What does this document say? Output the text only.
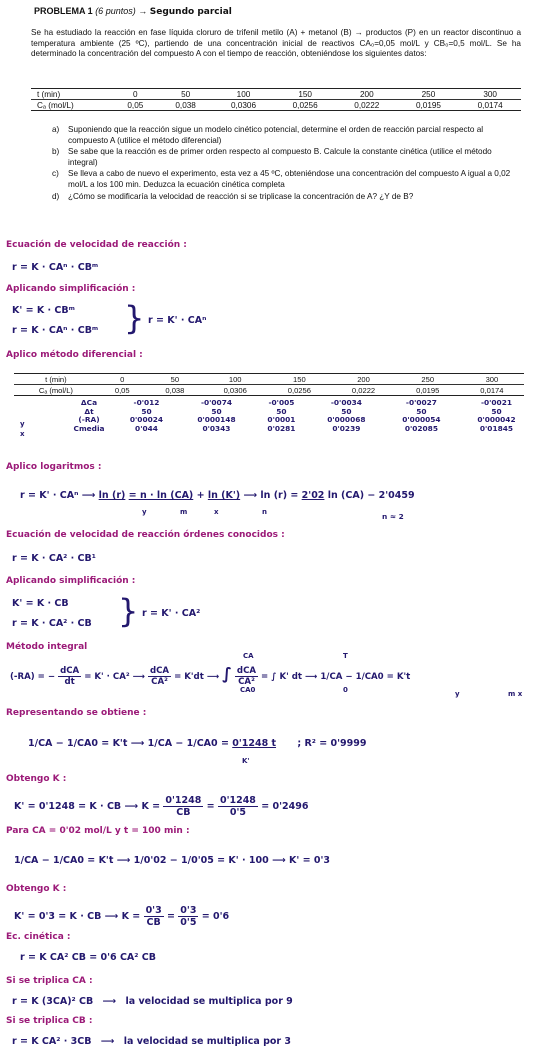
PROBLEMA 1 (6 puntos) → Segundo parcial
Se ha estudiado la reacción en fase líquida cloruro de trifenil metilo (A) + metanol (B) → productos (P) en un reactor discontinuo a temperatura ambiente (25 ºC), partiendo de una concentración inicial de reactivos CA₀=0,05 mol/L y CB₀=0,5 mol/L. Se ha determinado la concentración del compuesto A con el tiempo de reacción, obteniéndose los siguientes datos:
t (min)	0	50	100	150	200	250	300
Cₐ (mol/L)	0,05	0,038	0,0306	0,0256	0,0222	0,0195	0,0174
a)	Suponiendo que la reacción sigue un modelo cinético potencial, determine el orden de reacción parcial respecto al compuesto A (utilice el método diferencial)
b)	Se sabe que la reacción es de primer orden respecto al compuesto B. Calcule la constante cinética (utilice el método integral)
c)	Se lleva a cabo de nuevo el experimento, esta vez a 45 ºC, obteniéndose una concentración del compuesto A igual a 0,02 mol/L a los 100 min. Deduzca la ecuación cinética completa
d)	¿Cómo se modificaría la velocidad de reacción si se triplicase la concentración de A? ¿Y de B?
Ecuación de velocidad de reacción :
r = K · CAⁿ · CBᵐ
Aplicando simplificación :
K' = K · CBᵐ
r = K · CAⁿ · CBᵐ } r = K' · CAⁿ
Aplico método diferencial :
t (min)	0	50	100	150	200	250	300
Cₐ (mol/L)	0,05	0,038	0,0306	0,0256	0,0222	0,0195	0,0174
y
x
ΔCa	-0'012	-0'0074	-0'005	-0'0034	-0'0027	-0'0021
Δt	50	50	50	50	50	50
(-RA)	0'00024	0'000148	0'0001	0'000068	0'000054	0'000042
Cmedia	0'044	0'0343	0'0281	0'0239	0'02085	0'01845
Aplico logaritmos :
r = K' · CAⁿ ⟶ ln (r) = n · ln (CA) + ln (K') ⟶ ln (r) = 2'02 ln (CA) − 2'0459
y	m	x	n	n ≈ 2
Ecuación de velocidad de reacción órdenes conocidos :
r = K · CA² · CB¹
Aplicando simplificación :
K' = K · CB
r = K · CA² · CB } r = K' · CA²
Método integral
(-RA) = − $\frac{\text{dCA}}{dt} = K' \cdot CA^2$ ⟶ $\frac{\text{dCA}}{\text{CA²}} = K'dt$ ⟶ ∫ $\frac{\text{dCA}}{\text{CA²}}$ = ∫ K' dt ⟶ 1/CA − 1/CA0 = K't
CA
CA0
T
0	y	m x
Representando se obtiene :
1/CA − 1/CA0 = K't ⟶ 1/CA − 1/CA0 = 0'1248 t ; R² = 0'9999
K'
Obtengo K :
K' = 0'1248 = K · CB ⟶ $K = \frac{0'1248}{CB} = \frac{0'1248}{0'5} = 0'2496$
Para CA = 0'02 mol/L y t = 100 min :
1/CA − 1/CA0 = K't ⟶ 1/0'02 − 1/0'05 = K' · 100 ⟶ K' = 0'3
Obtengo K :
K' = 0'3 = K · CB ⟶ $K = \frac{0'3}{CB} = \frac{0'3}{0'5} = 0'6$
Ec. cinética :
r = K CA² CB = 0'6 CA² CB
Si se triplica CA :
r = K (3CA)² CB ⟶ la velocidad se multiplica por 9
Si se triplica CB :
r = K CA² · 3CB ⟶ la velocidad se multiplica por 3
